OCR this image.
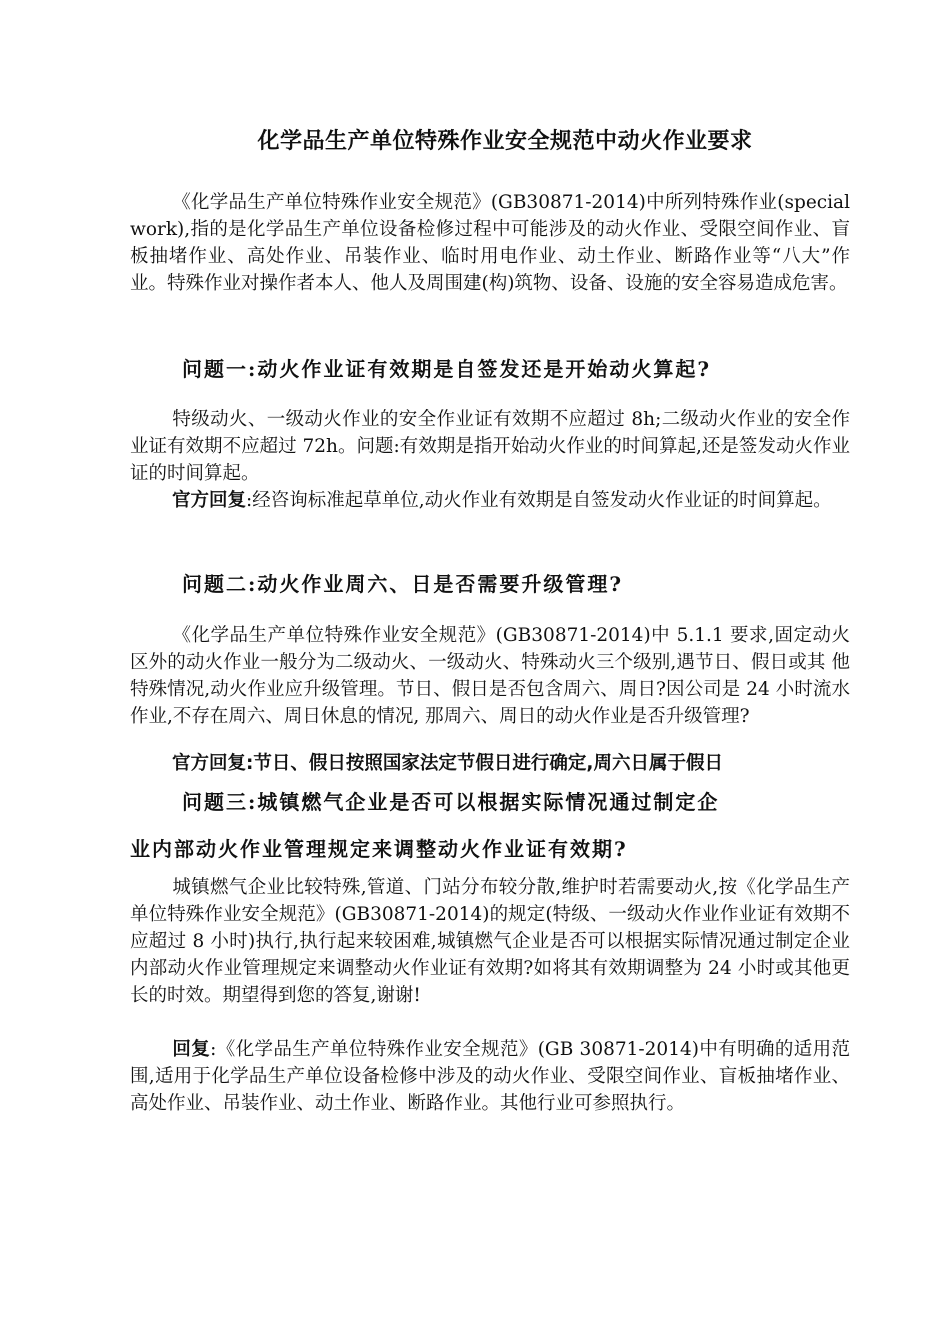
化学品生产单位特殊作业安全规范中动火作业要求
《化学品生产单位特殊作业安全规范》(GB30871-2014)中所列特殊作业(special work),指的是化学品生产单位设备检修过程中可能涉及的动火作业、受限空间作业、盲板抽堵作业、高处作业、吊装作业、临时用电作业、动土作业、断路作业等“八大”作业。特殊作业对操作者本人、他人及周围建(构)筑物、设备、设施的安全容易造成危害。
问题一:动火作业证有效期是自签发还是开始动火算起?
特级动火、一级动火作业的安全作业证有效期不应超过 8h;二级动火作业的安全作业证有效期不应超过 72h。问题:有效期是指开始动火作业的时间算起,还是签发动火作业证的时间算起。
官方回复:经咨询标准起草单位,动火作业有效期是自签发动火作业证的时间算起。
问题二:动火作业周六、日是否需要升级管理?
《化学品生产单位特殊作业安全规范》(GB30871-2014)中 5.1.1 要求,固定动火区外的动火作业一般分为二级动火、一级动火、特殊动火三个级别,遇节日、假日或其 他特殊情况,动火作业应升级管理。节日、假日是否包含周六、周日?因公司是 24 小时流水作业,不存在周六、周日休息的情况, 那周六、周日的动火作业是否升级管理?
官方回复:节日、假日按照国家法定节假日进行确定,周六日属于假日
问题三:城镇燃气企业是否可以根据实际情况通过制定企
业内部动火作业管理规定来调整动火作业证有效期?
城镇燃气企业比较特殊,管道、门站分布较分散,维护时若需要动火,按《化学品生产单位特殊作业安全规范》(GB30871-2014)的规定(特级、一级动火作业作业证有效期不应超过 8 小时)执行,执行起来较困难,城镇燃气企业是否可以根据实际情况通过制定企业内部动火作业管理规定来调整动火作业证有效期?如将其有效期调整为 24 小时或其他更长的时效。期望得到您的答复,谢谢!
回复:《化学品生产单位特殊作业安全规范》(GB 30871-2014)中有明确的适用范围,适用于化学品生产单位设备检修中涉及的动火作业、受限空间作业、盲板抽堵作业、高处作业、吊装作业、动土作业、断路作业。其他行业可参照执行。
